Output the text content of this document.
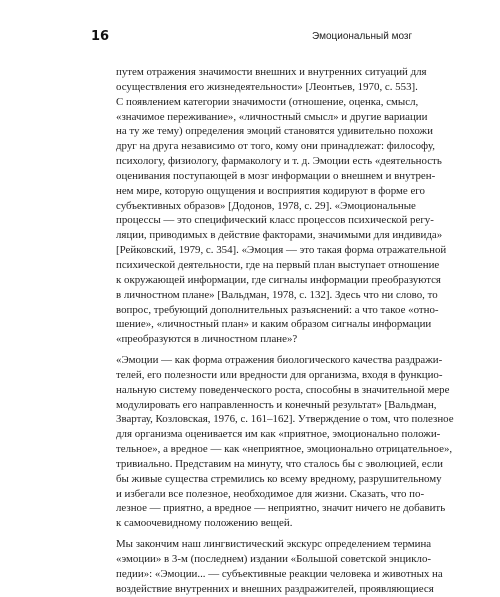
16	Эмоциональный мозг

путем отражения значимости внешних и внутренних ситуаций для
осуществления его жизнедеятельности» [Леонтьев, 1970, с. 553].
С появлением категории значимости (отношение, оценка, смысл,
«значимое переживание», «личностный смысл» и другие вариации
на ту же тему) определения эмоций становятся удивительно похожи
друг на друга независимо от того, кому они принадлежат: философу,
психологу, физиологу, фармакологу и т. д. Эмоции есть «деятельность
оценивания поступающей в мозг информации о внешнем и внутрен-
нем мире, которую ощущения и восприятия кодируют в форме его
субъективных образов» [Додонов, 1978, с. 29]. «Эмоциональные
процессы — это специфический класс процессов психической регу-
ляции, приводимых в действие факторами, значимыми для индивида»
[Рейковский, 1979, с. 354]. «Эмоция — это такая форма отражательной
психической деятельности, где на первый план выступает отношение
к окружающей информации, где сигналы информации преобразуются
в личностном плане» [Вальдман, 1978, с. 132]. Здесь что ни слово, то
вопрос, требующий дополнительных разъяснений: а что такое «отно-
шение», «личностный план» и каким образом сигналы информации
«преобразуются в личностном плане»?

«Эмоции — как форма отражения биологического качества раздражи-
телей, его полезности или вредности для организма, входя в функцио-
нальную систему поведенческого роста, способны в значительной мере
модулировать его направленность и конечный результат» [Вальдман,
Звартау, Козловская, 1976, с. 161–162]. Утверждение о том, что полезное
для организма оценивается им как «приятное, эмоционально положи-
тельное», а вредное — как «неприятное, эмоционально отрицательное»,
тривиально. Представим на минуту, что сталось бы с эволюцией, если
бы живые существа стремились ко всему вредному, разрушительному
и избегали все полезное, необходимое для жизни. Сказать, что по-
лезное — приятно, а вредное — неприятно, значит ничего не добавить
к самоочевидному положению вещей.

Мы закончим наш лингвистический экскурс определением термина
«эмоции» в 3-м (последнем) издании «Большой советской энцикло-
педии»: «Эмоции... — субъективные реакции человека и животных на
воздействие внутренних и внешних раздражителей, проявляющиеся
